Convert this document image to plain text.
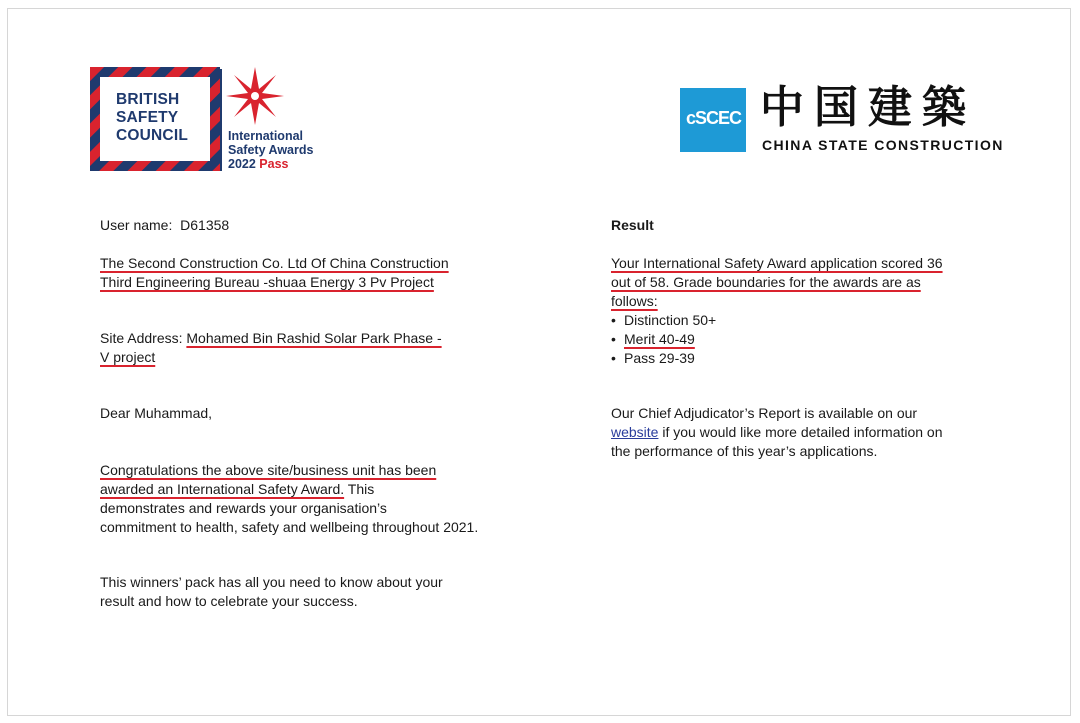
BRITISH
SAFETY
COUNCIL	International
Safety Awards
2022 Pass
cSCEC 中国建築
CHINA STATE CONSTRUCTION
User name: D61358
The Second Construction Co. Ltd Of China Construction
Third Engineering Bureau -shuaa Energy 3 Pv Project
Site Address: Mohamed Bin Rashid Solar Park Phase -
V project
Dear Muhammad,
Congratulations the above site/business unit has been
awarded an International Safety Award. This
demonstrates and rewards your organisation’s
commitment to health, safety and wellbeing throughout 2021.
This winners’ pack has all you need to know about your
result and how to celebrate your success.
Result
Your International Safety Award application scored 36
out of 58. Grade boundaries for the awards are as
follows:
• Distinction 50+
• Merit 40-49
• Pass 29-39
Our Chief Adjudicator’s Report is available on our
website if you would like more detailed information on
the performance of this year’s applications.
